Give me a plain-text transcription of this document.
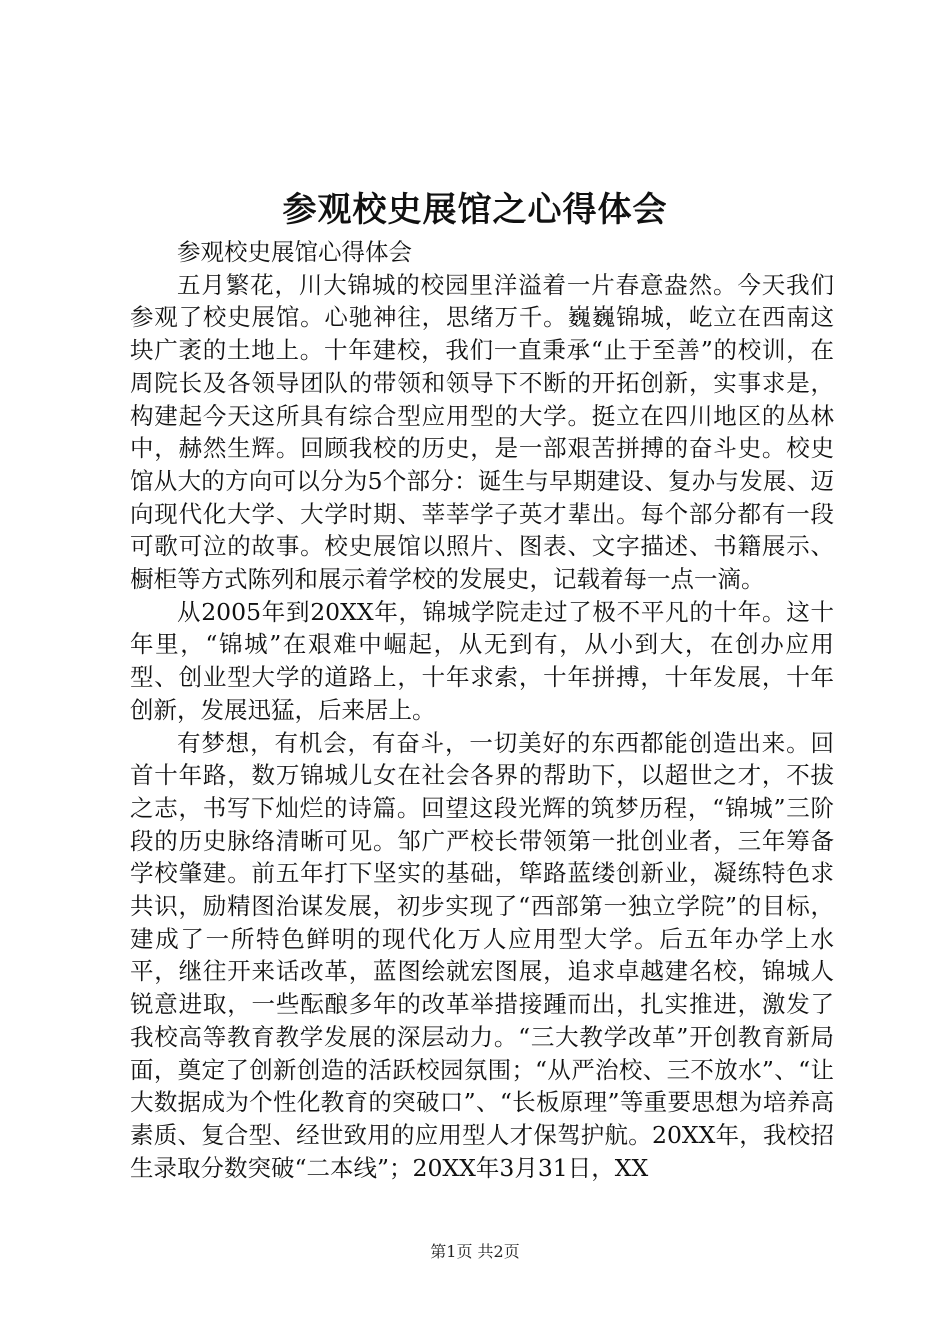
参观校史展馆之心得体会

参观校史展馆心得体会

五月繁花，川大锦城的校园里洋溢着一片春意盎然。今天我们参观了校史展馆。心驰神往，思绪万千。巍巍锦城，屹立在西南这块广袤的土地上。十年建校，我们一直秉承“止于至善”的校训，在周院长及各领导团队的带领和领导下不断的开拓创新，实事求是，构建起今天这所具有综合型应用型的大学。挺立在四川地区的丛林中，赫然生辉。回顾我校的历史，是一部艰苦拼搏的奋斗史。校史馆从大的方向可以分为5个部分：诞生与早期建设、复办与发展、迈向现代化大学、大学时期、莘莘学子英才辈出。每个部分都有一段可歌可泣的故事。校史展馆以照片、图表、文字描述、书籍展示、橱柜等方式陈列和展示着学校的发展史，记载着每一点一滴。

从2005年到20XX年，锦城学院走过了极不平凡的十年。这十年里，“锦城”在艰难中崛起，从无到有，从小到大，在创办应用型、创业型大学的道路上，十年求索，十年拼搏，十年发展，十年创新，发展迅猛，后来居上。

有梦想，有机会，有奋斗，一切美好的东西都能创造出来。回首十年路，数万锦城儿女在社会各界的帮助下，以超世之才，不拔之志，书写下灿烂的诗篇。回望这段光辉的筑梦历程，“锦城”三阶段的历史脉络清晰可见。邹广严校长带领第一批创业者，三年筹备学校肇建。前五年打下坚实的基础，筚路蓝缕创新业，凝练特色求共识，励精图治谋发展，初步实现了“西部第一独立学院”的目标，建成了一所特色鲜明的现代化万人应用型大学。后五年办学上水平，继往开来话改革，蓝图绘就宏图展，追求卓越建名校，锦城人锐意进取，一些酝酿多年的改革举措接踵而出，扎实推进，激发了我校高等教育教学发展的深层动力。“三大教学改革”开创教育新局面，奠定了创新创造的活跃校园氛围；“从严治校、三不放水”、“让大数据成为个性化教育的突破口”、“长板原理”等重要思想为培养高素质、复合型、经世致用的应用型人才保驾护航。20XX年，我校招生录取分数突破“二本线”；20XX年3月31日，XX

第1页 共2页
